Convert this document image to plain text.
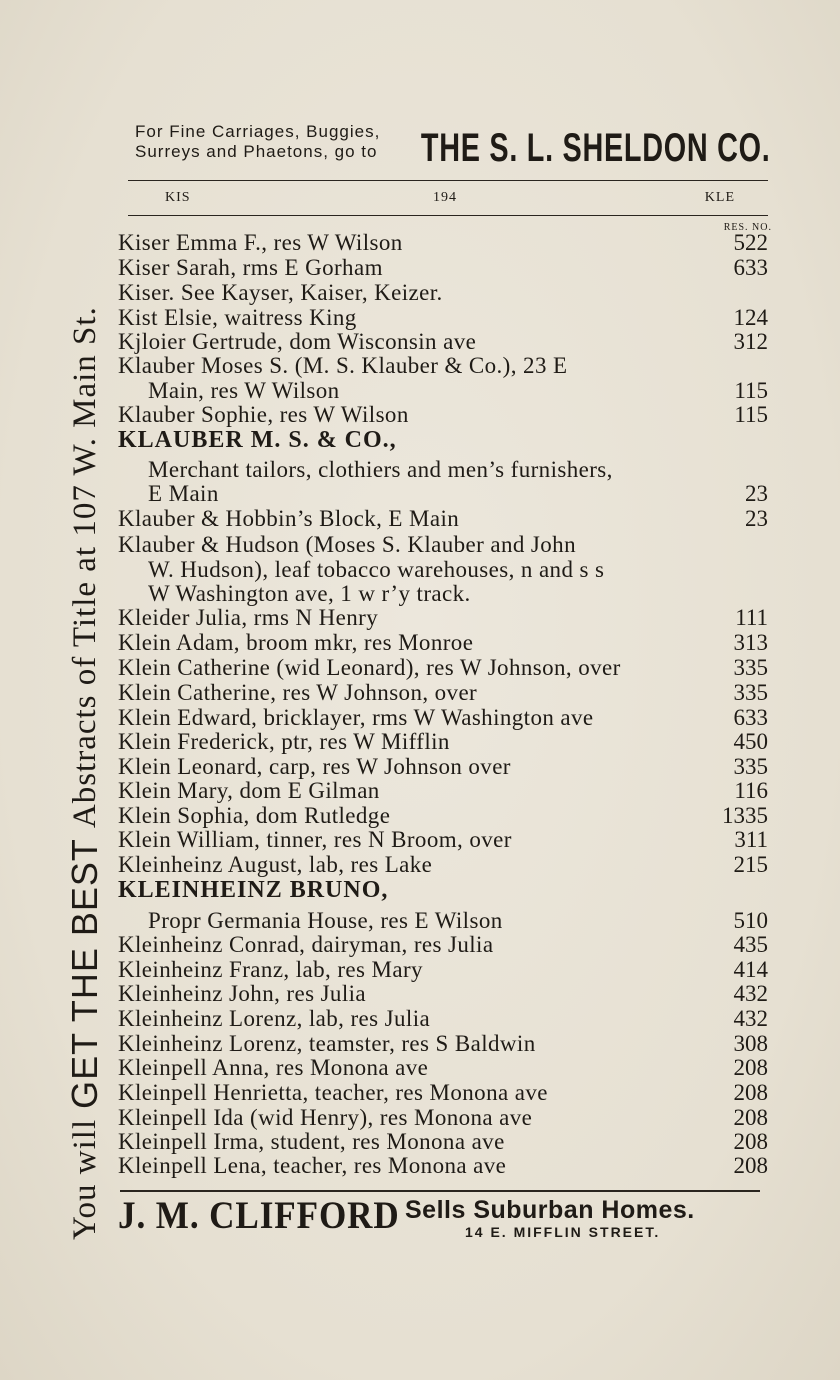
You will
GET THE BEST
Abstracts of Title at 107 W. Main St.
For Fine Carriages, Buggies,
Surreys and Phaetons, go to THE S. L. SHELDON CO.
KIS	194	KLE
RES. NO.
Kiser Emma F., res W Wilson	522
Kiser Sarah, rms E Gorham	633
Kiser. See Kayser, Kaiser, Keizer.
Kist Elsie, waitress King	124
Kjloier Gertrude, dom Wisconsin ave	312
Klauber Moses S. (M. S. Klauber & Co.), 23 E
Main, res W Wilson	115
Klauber Sophie, res W Wilson	115
KLAUBER M. S. & CO.,
Merchant tailors, clothiers and men’s furnishers,
E Main	23
Klauber & Hobbin’s Block, E Main	23
Klauber & Hudson (Moses S. Klauber and John
W. Hudson), leaf tobacco warehouses, n and s s
W Washington ave, 1 w r’y track.
Kleider Julia, rms N Henry	111
Klein Adam, broom mkr, res Monroe	313
Klein Catherine (wid Leonard), res W Johnson, over	335
Klein Catherine, res W Johnson, over	335
Klein Edward, bricklayer, rms W Washington ave	633
Klein Frederick, ptr, res W Mifflin	450
Klein Leonard, carp, res W Johnson over	335
Klein Mary, dom E Gilman	116
Klein Sophia, dom Rutledge	1335
Klein William, tinner, res N Broom, over	311
Kleinheinz August, lab, res Lake	215
KLEINHEINZ BRUNO,
Propr Germania House, res E Wilson	510
Kleinheinz Conrad, dairyman, res Julia	435
Kleinheinz Franz, lab, res Mary	414
Kleinheinz John, res Julia	432
Kleinheinz Lorenz, lab, res Julia	432
Kleinheinz Lorenz, teamster, res S Baldwin	308
Kleinpell Anna, res Monona ave	208
Kleinpell Henrietta, teacher, res Monona ave	208
Kleinpell Ida (wid Henry), res Monona ave	208
Kleinpell Irma, student, res Monona ave	208
Kleinpell Lena, teacher, res Monona ave	208
J. M. CLIFFORD Sells Suburban Homes.
14 E. MIFFLIN STREET.
